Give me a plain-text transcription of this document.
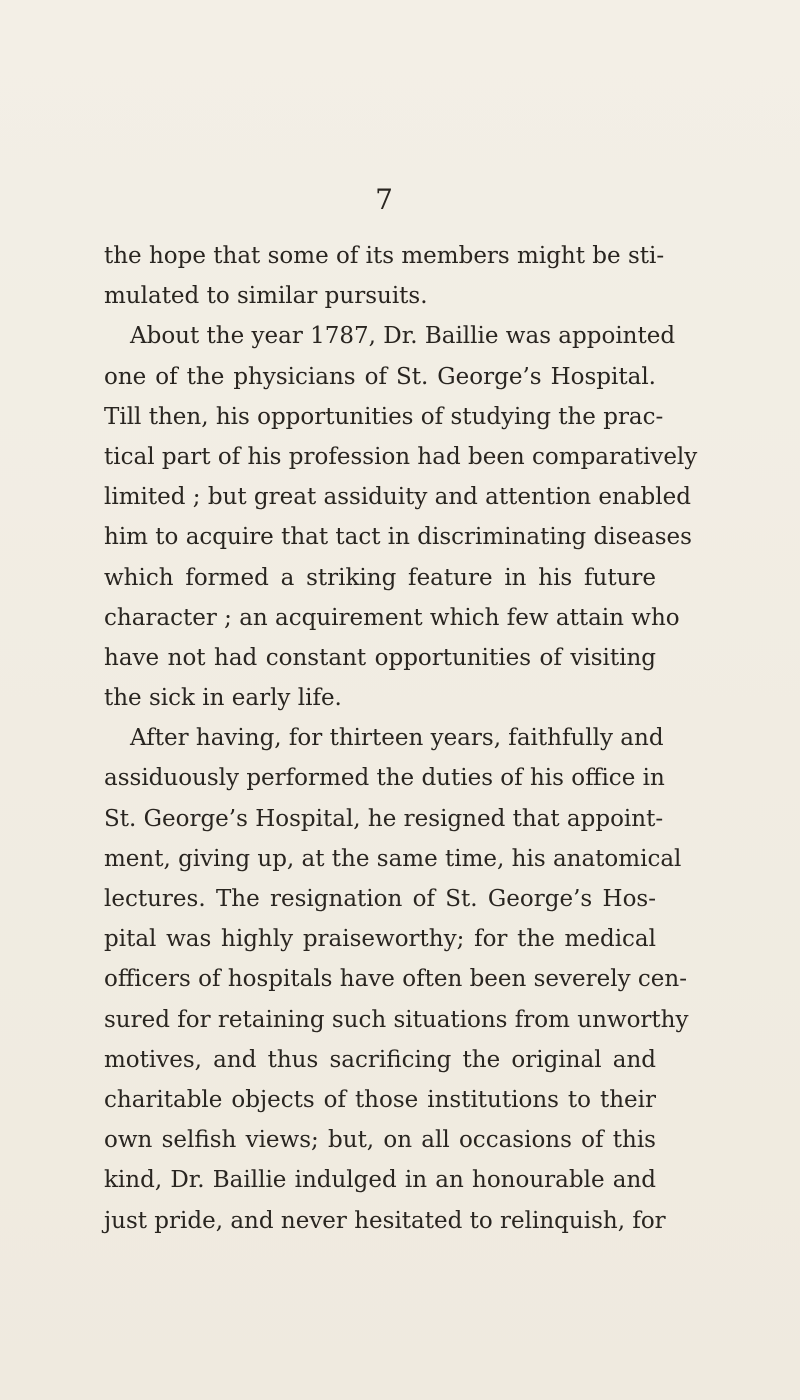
7
the hope that some of its members might be sti-
mulated to similar pursuits.
About the year 1787, Dr. Baillie was appointed
one of the physicians of St. George’s Hospital.
Till then, his opportunities of studying the prac-
tical part of his profession had been comparatively
limited ; but great assiduity and attention enabled
him to acquire that tact in discriminating diseases
which formed a striking feature in his future
character ; an acquirement which few attain who
have not had constant opportunities of visiting
the sick in early life.
After having, for thirteen years, faithfully and
assiduously performed the duties of his office in
St. George’s Hospital, he resigned that appoint-
ment, giving up, at the same time, his anatomical
lectures. The resignation of St. George’s Hos-
pital was highly praiseworthy; for the medical
officers of hospitals have often been severely cen-
sured for retaining such situations from unworthy
motives, and thus sacrificing the original and
charitable objects of those institutions to their
own selfish views; but, on all occasions of this
kind, Dr. Baillie indulged in an honourable and
just pride, and never hesitated to relinquish, for
